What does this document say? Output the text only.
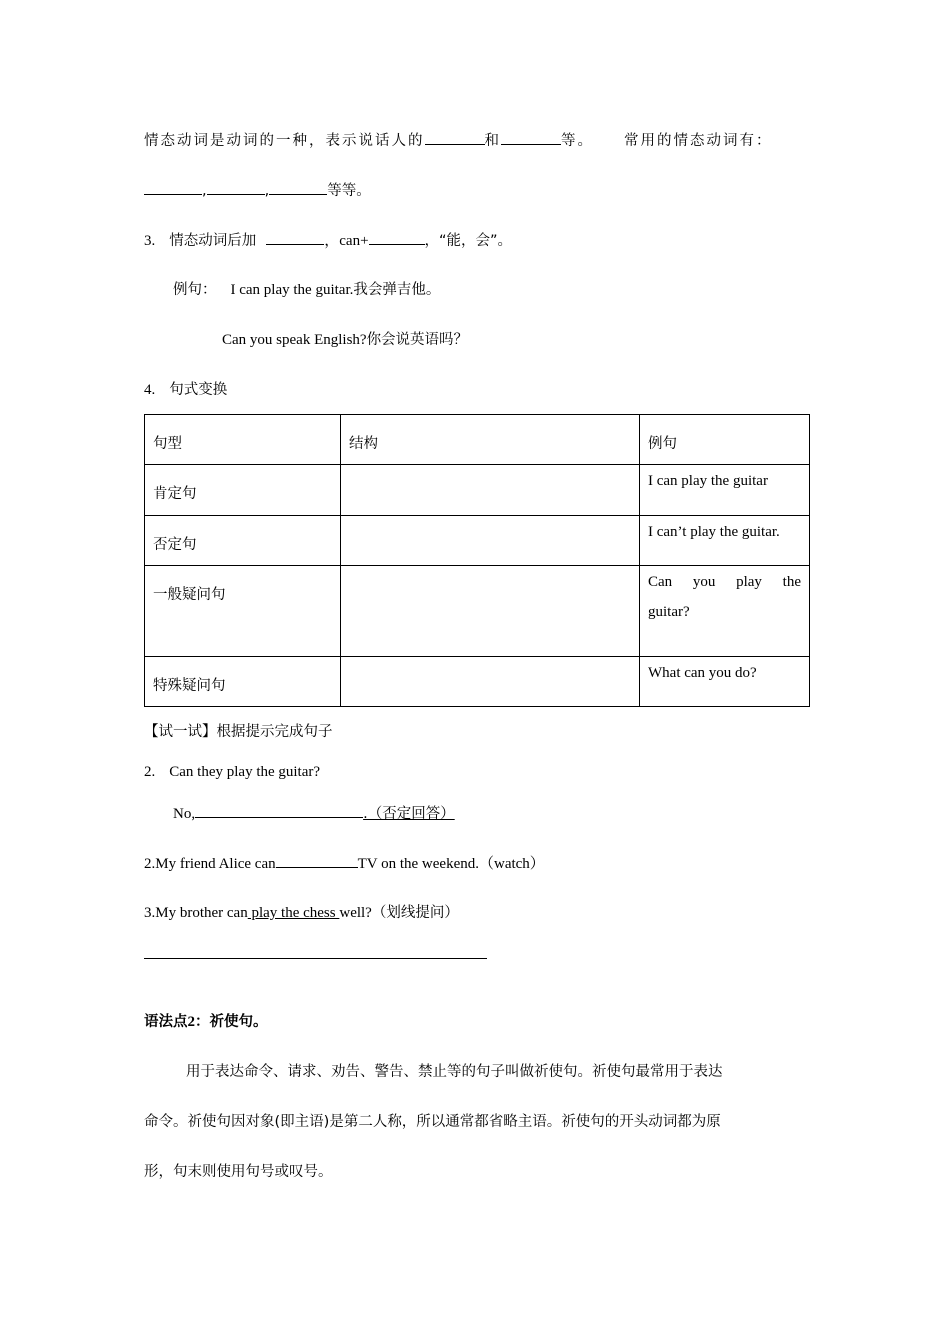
情态动词是动词的一种，表示说话人的	和	等。 常用的情态动词有：
,	,	等等。
3. 情态动词后加	，can+	，“能，会”。
例句： I can play the guitar.我会弹吉他。
Can you speak English?你会说英语吗？
4. 句式变换
句型	结构	例句

肯定句		I can play the guitar

否定句		I can’t play the guitar.

一般疑问句		Can you play the
guitar?

特殊疑问句		What can you do?
【试一试】根据提示完成句子
2. Can they play the guitar?
No,	.（否定回答）
2.My friend Alice can	TV on the weekend.（watch）
3.My brother can play the chess well?（划线提问）
语法点2：祈使句。
用于表达命令、请求、劝告、警告、禁止等的句子叫做祈使句。祈使句最常用于表达
命令。祈使句因对象(即主语)是第二人称，所以通常都省略主语。祈使句的开头动词都为原
形，句末则使用句号或叹号。
